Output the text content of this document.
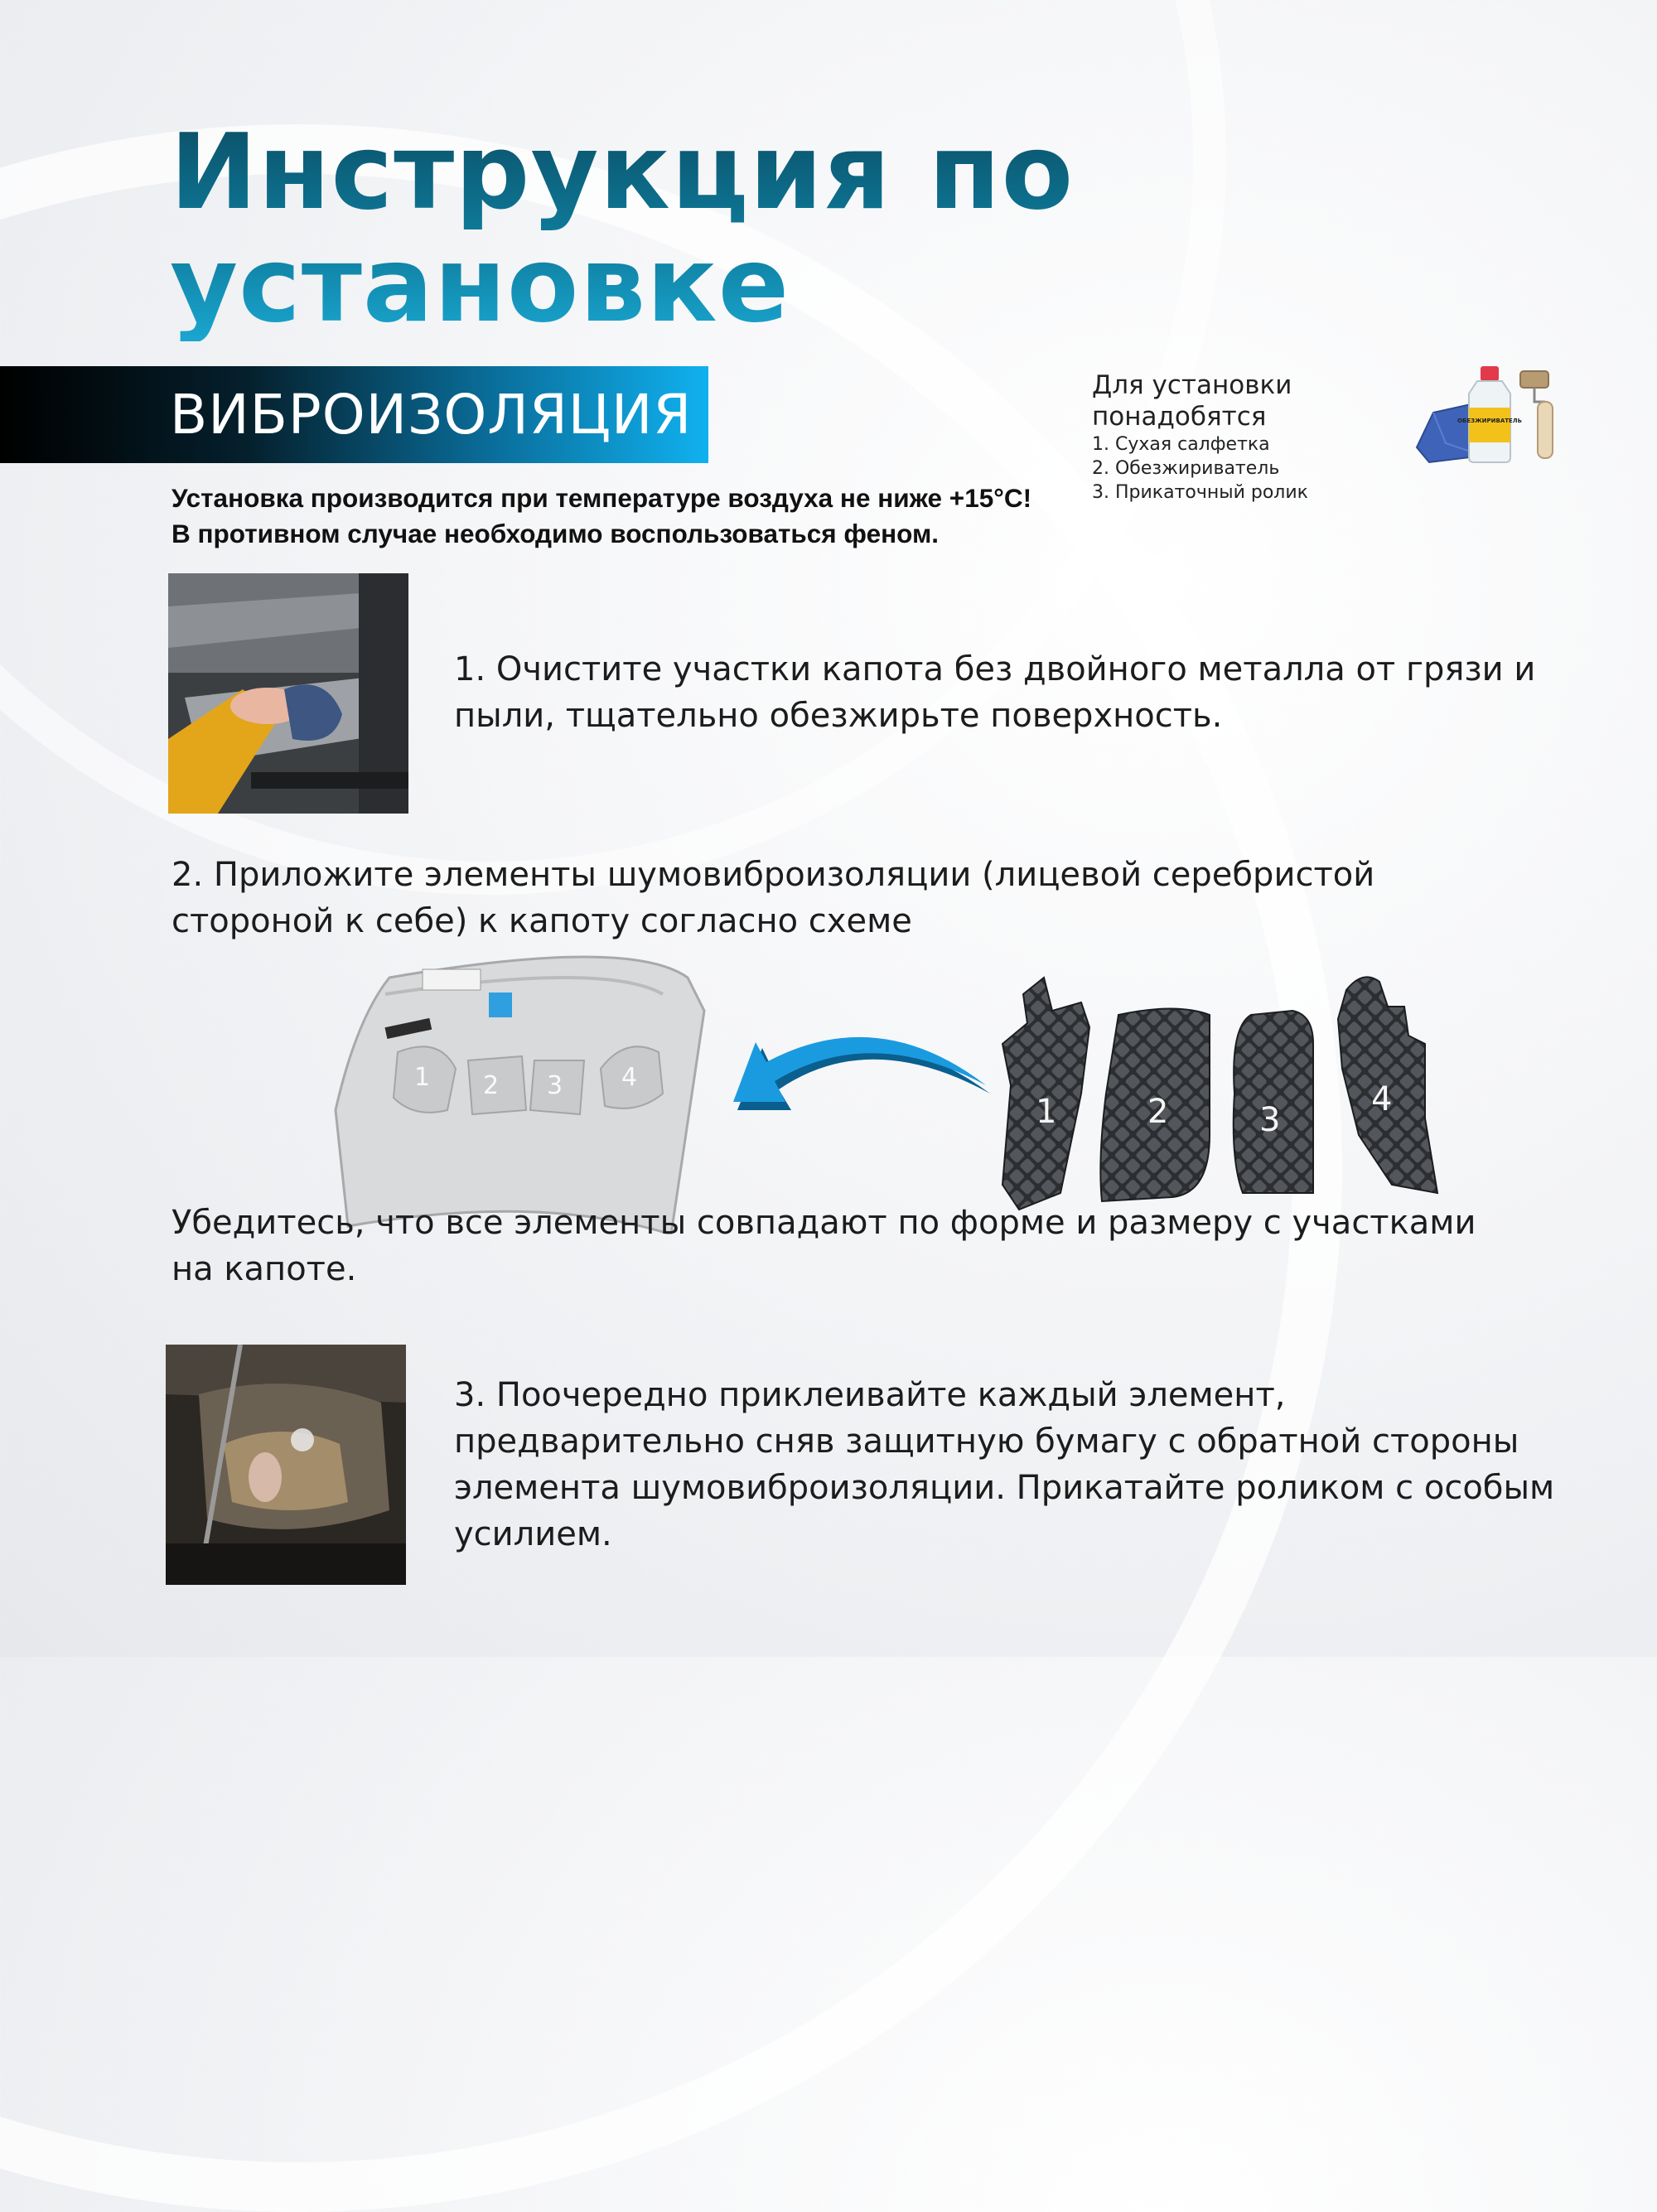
Инструкция по установке
ВИБРОИЗОЛЯЦИЯ	Для установки понадобятся
1. Сухая салфетка
2. Обезжириватель
3. Прикаточный ролик
ОБЕЗЖИРИВАТЕЛЬ
Установка производится при температуре воздуха не ниже +15°С!
В противном случае необходимо воспользоваться феном.

1. Очистите участки капота без двойного металла от грязи и пыли, тщательно обезжирьте поверхность.

2. Приложите элементы шумовиброизоляции (лицевой серебристой стороной к себе) к капоту согласно схеме

1 2 3 4
1	2	3
4

Убедитесь, что все элементы совпадают по форме и размеру с участками на капоте.

3. Поочередно приклеивайте каждый элемент, предварительно сняв защитную бумагу с обратной стороны элемента шумовиброизоляции. Прикатайте роликом с особым усилием.
